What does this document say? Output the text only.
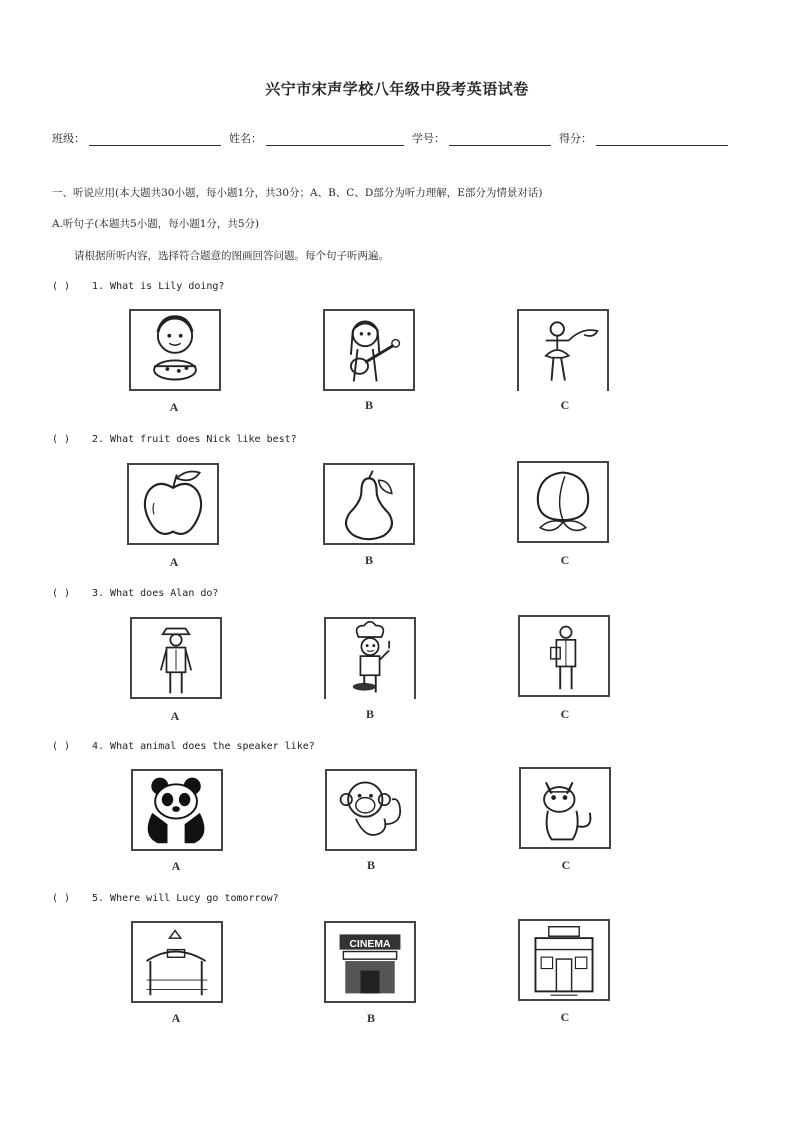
兴宁市宋声学校八年级中段考英语试卷
班级：	姓名：	学号：	得分：
一、听说应用(本大题共30小题，每小题1分，共30分；A、B、C、D部分为听力理解，E部分为情景对话)
A.听句子(本题共5小题，每小题1分，共5分)
请根据所听内容，选择符合题意的图画回答问题。每个句子听两遍。
( ) 1. What is Lily doing?
A	B	C
( ) 2. What fruit does Nick like best?
A	B	C
( ) 3. What does Alan do?
A	B	C
( ) 4. What animal does the speaker like?
A	B	C
( ) 5. Where will Lucy go tomorrow?
CINEMA
A	B	C
